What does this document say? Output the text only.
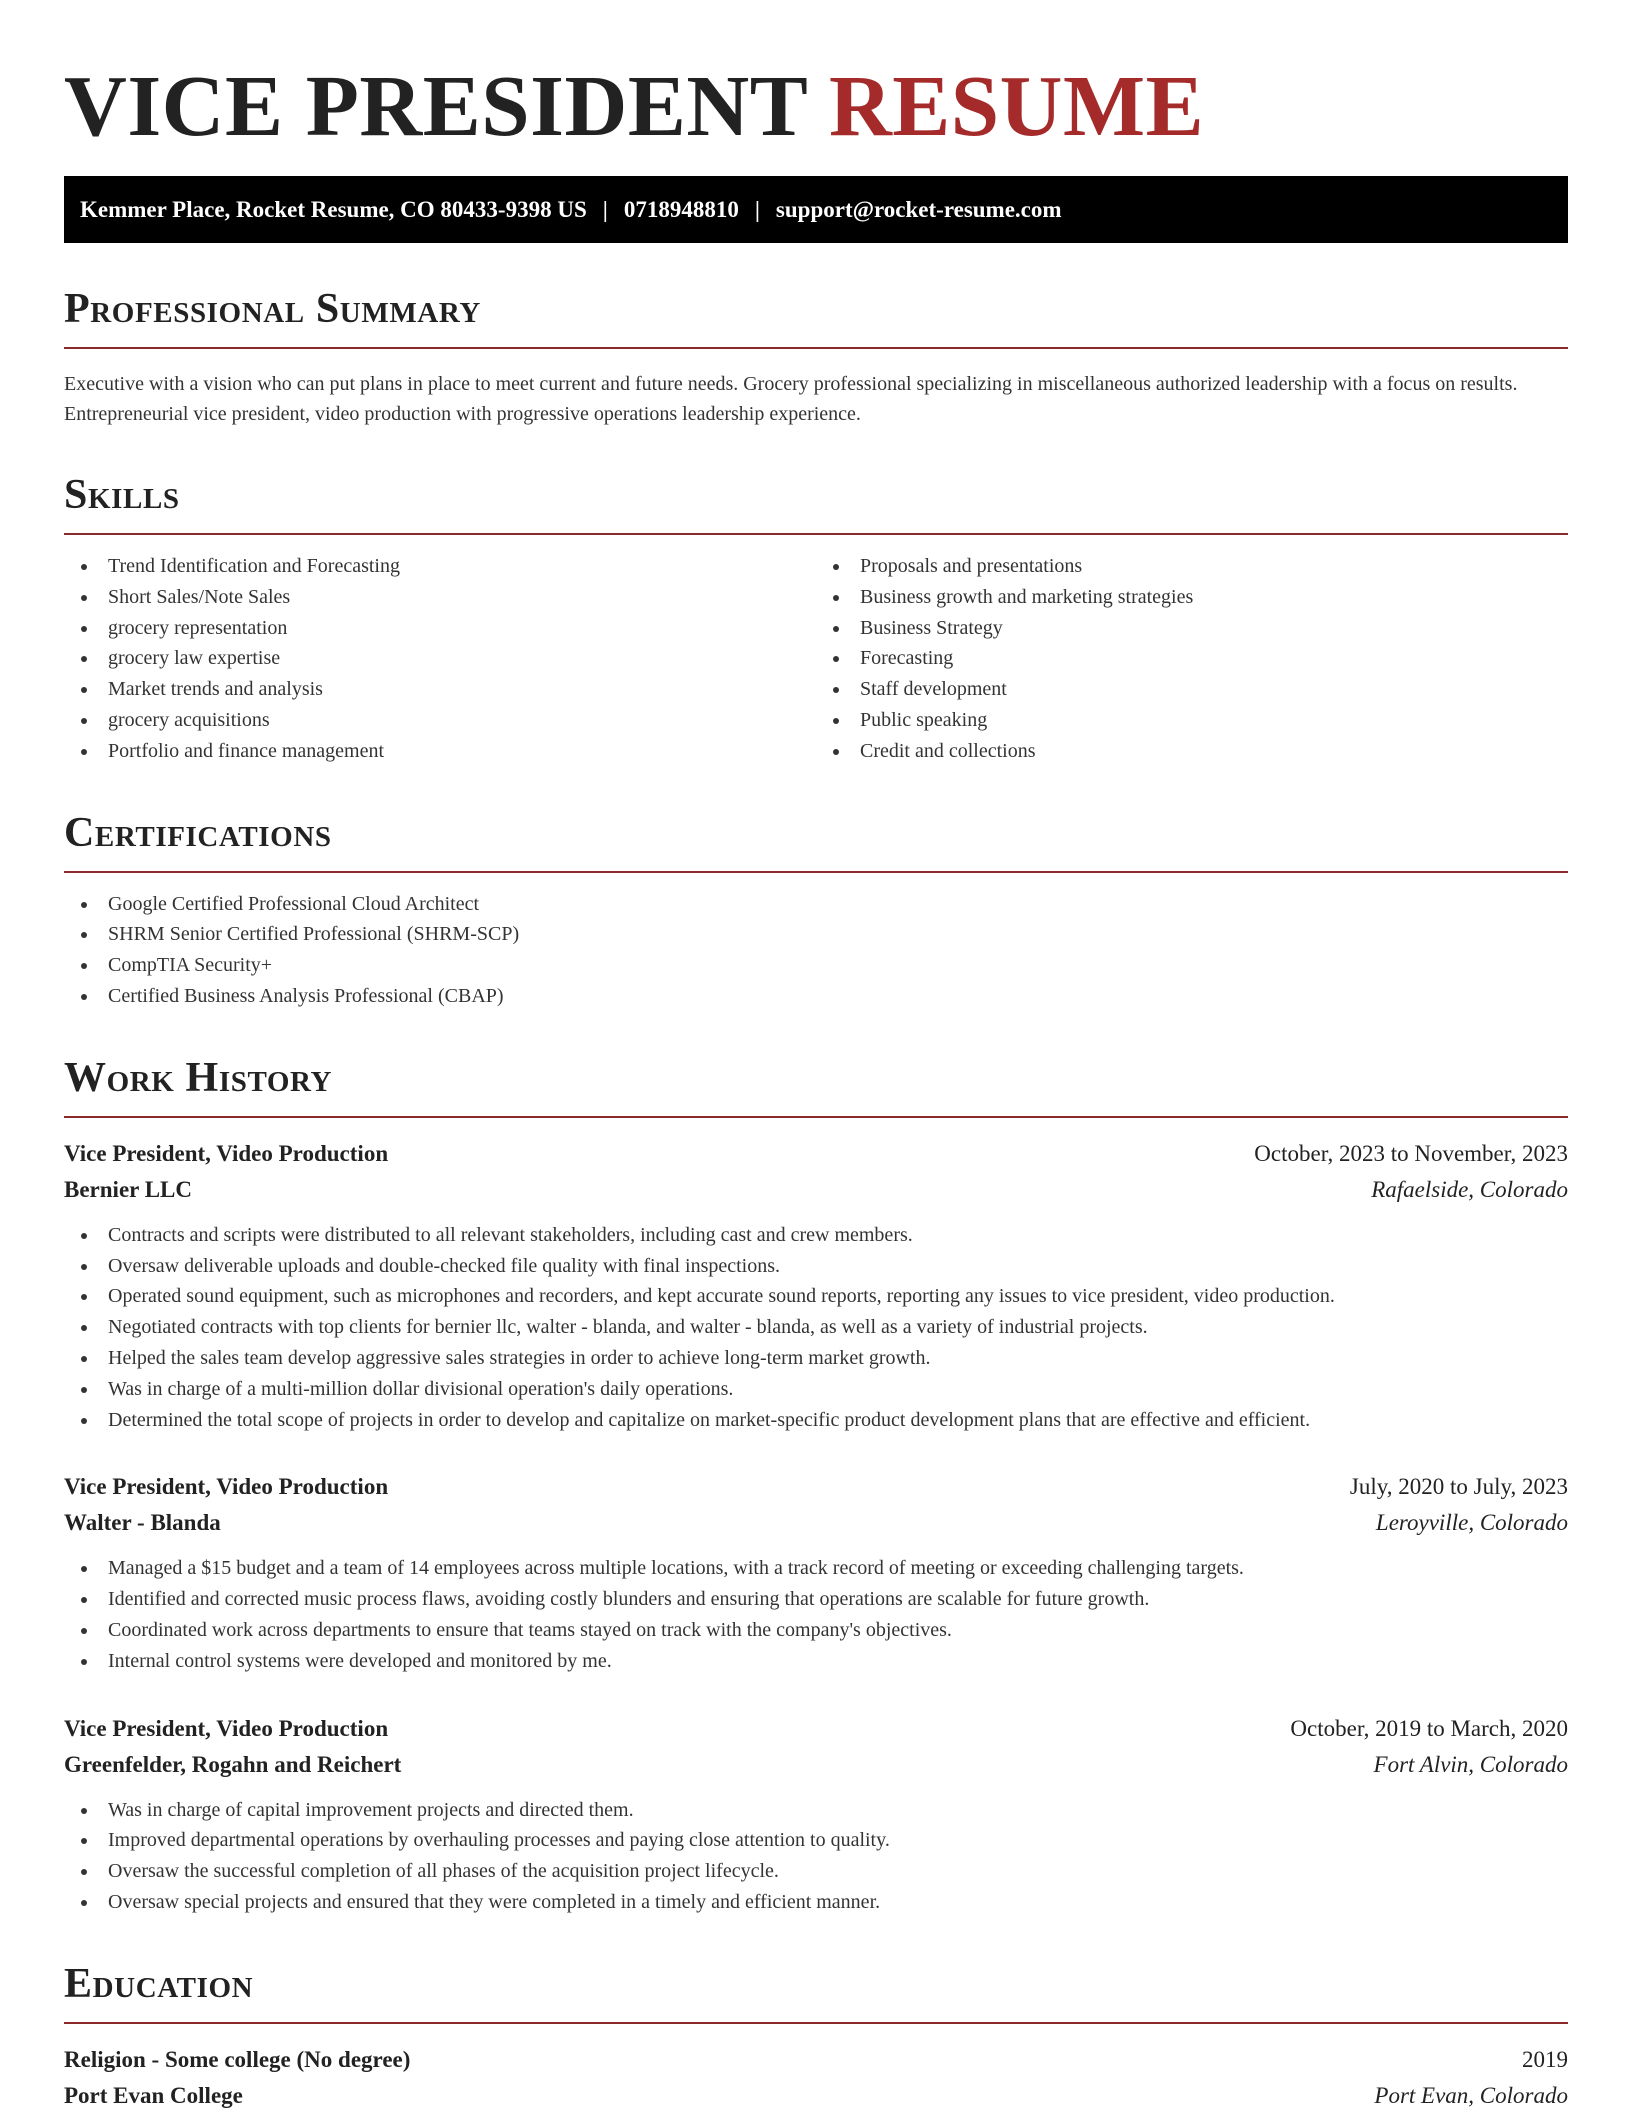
VICE PRESIDENT RESUME
Kemmer Place, Rocket Resume, CO 80433-9398 US | 0718948810 | support@rocket-resume.com
Professional Summary

Executive with a vision who can put plans in place to meet current and future needs. Grocery professional specializing in miscellaneous authorized leadership with a focus on results. Entrepreneurial vice president, video production with progressive operations leadership experience.

Skills
Trend Identification and Forecasting
Short Sales/Note Sales
grocery representation
grocery law expertise
Market trends and analysis
grocery acquisitions
Portfolio and finance management
Proposals and presentations
Business growth and marketing strategies
Business Strategy
Forecasting
Staff development
Public speaking
Credit and collections
Certifications
Google Certified Professional Cloud Architect
SHRM Senior Certified Professional (SHRM-SCP)
CompTIA Security+
Certified Business Analysis Professional (CBAP)
Work History
Vice President, Video Production	October, 2023 to November, 2023
Bernier LLC	Rafaelside, Colorado
Contracts and scripts were distributed to all relevant stakeholders, including cast and crew members.
Oversaw deliverable uploads and double-checked file quality with final inspections.
Operated sound equipment, such as microphones and recorders, and kept accurate sound reports, reporting any issues to vice president, video production.
Negotiated contracts with top clients for bernier llc, walter - blanda, and walter - blanda, as well as a variety of industrial projects.
Helped the sales team develop aggressive sales strategies in order to achieve long-term market growth.
Was in charge of a multi-million dollar divisional operation's daily operations.
Determined the total scope of projects in order to develop and capitalize on market-specific product development plans that are effective and efficient.
Vice President, Video Production	July, 2020 to July, 2023
Walter - Blanda	Leroyville, Colorado
Managed a $15 budget and a team of 14 employees across multiple locations, with a track record of meeting or exceeding challenging targets.
Identified and corrected music process flaws, avoiding costly blunders and ensuring that operations are scalable for future growth.
Coordinated work across departments to ensure that teams stayed on track with the company's objectives.
Internal control systems were developed and monitored by me.
Vice President, Video Production	October, 2019 to March, 2020
Greenfelder, Rogahn and Reichert	Fort Alvin, Colorado
Was in charge of capital improvement projects and directed them.
Improved departmental operations by overhauling processes and paying close attention to quality.
Oversaw the successful completion of all phases of the acquisition project lifecycle.
Oversaw special projects and ensured that they were completed in a timely and efficient manner.
Education
Religion - Some college (No degree)	2019
Port Evan College	Port Evan, Colorado
